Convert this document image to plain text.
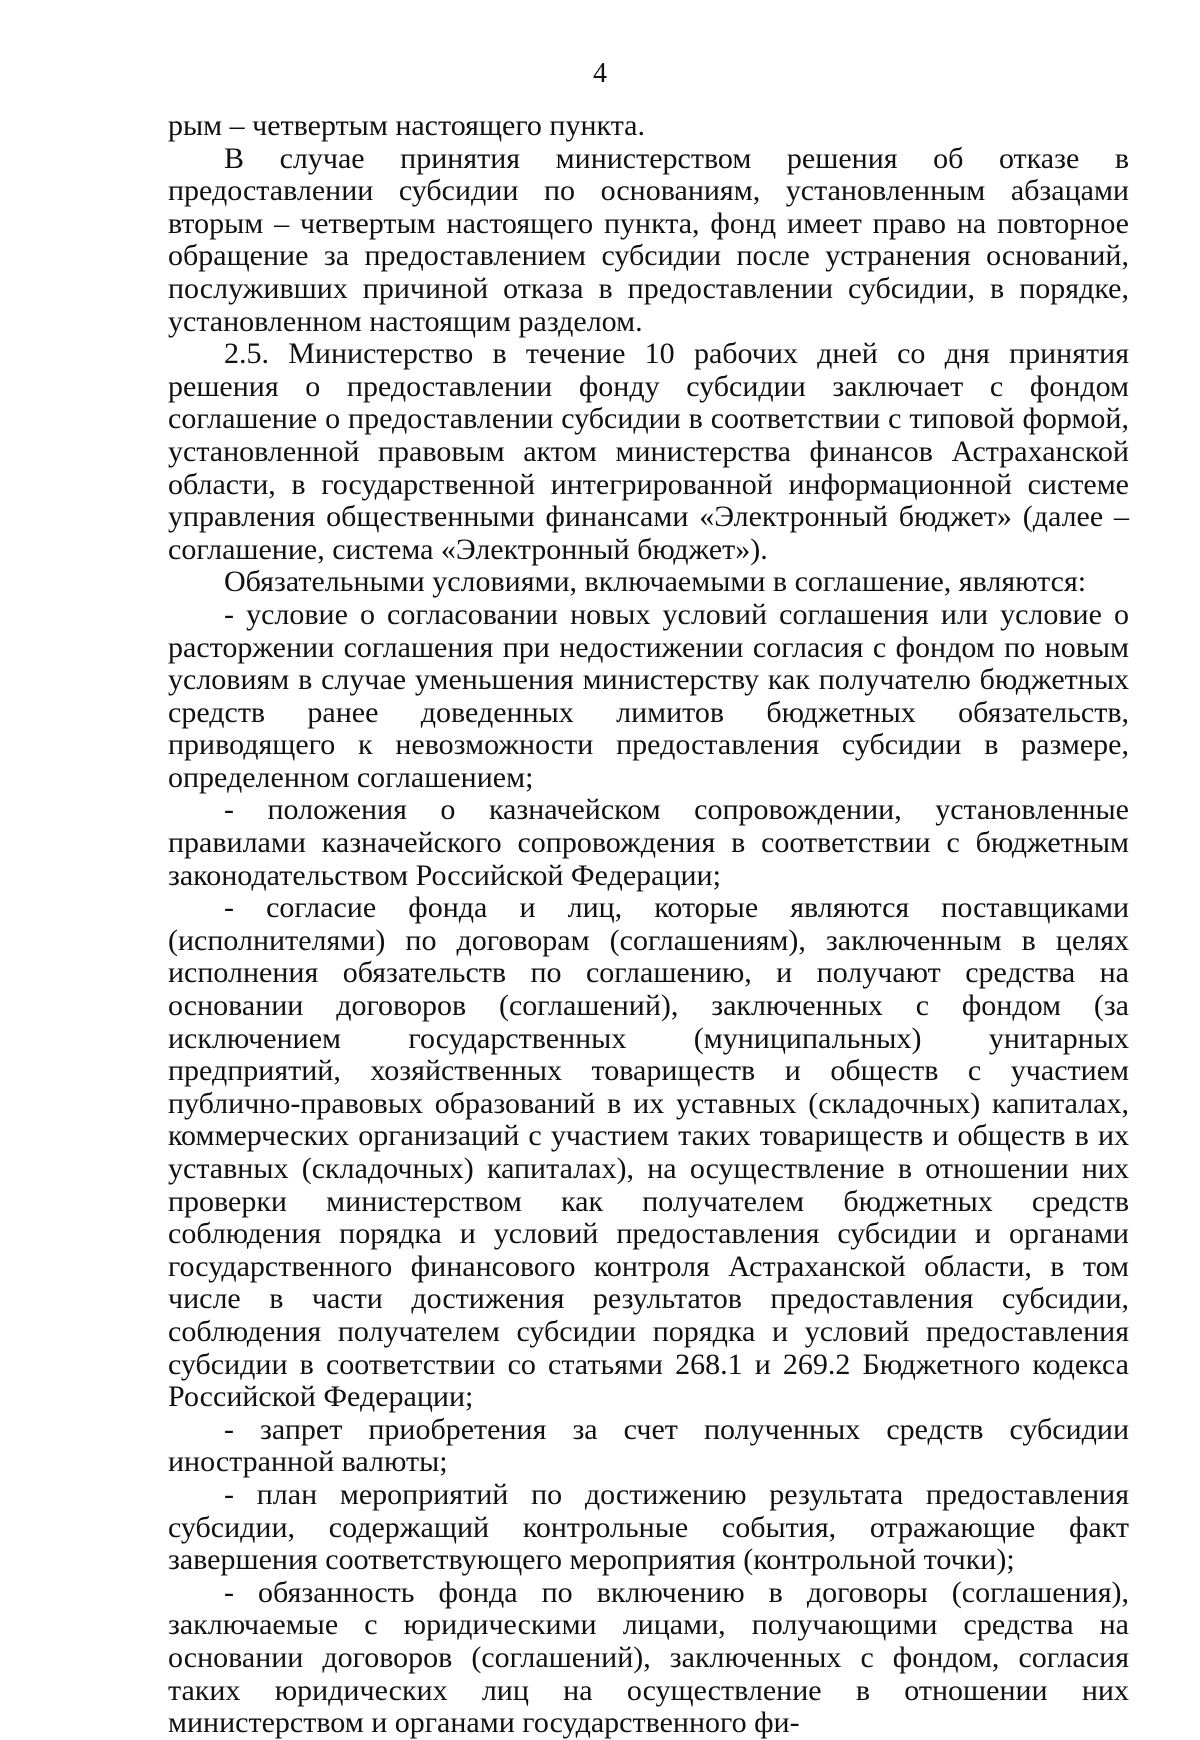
4

рым – четвертым настоящего пункта.

В случае принятия министерством решения об отказе в предоставлении субсидии по основаниям, установленным абзацами вторым – четвертым настоящего пункта, фонд имеет право на повторное обращение за предоставлением субсидии после устранения оснований, послуживших причиной отказа в предоставлении субсидии, в порядке, установленном настоящим разделом.

2.5. Министерство в течение 10 рабочих дней со дня принятия решения о предоставлении фонду субсидии заключает с фондом соглашение о предоставлении субсидии в соответствии с типовой формой, установленной правовым актом министерства финансов Астраханской области, в государственной интегрированной информационной системе управления общественными финансами «Электронный бюджет» (далее – соглашение, система «Электронный бюджет»).

Обязательными условиями, включаемыми в соглашение, являются:

- условие о согласовании новых условий соглашения или условие о расторжении соглашения при недостижении согласия с фондом по новым условиям в случае уменьшения министерству как получателю бюджетных средств ранее доведенных лимитов бюджетных обязательств, приводящего к невозможности предоставления субсидии в размере, определенном соглашением;

- положения о казначейском сопровождении, установленные правилами казначейского сопровождения в соответствии с бюджетным законодательством Российской Федерации;

- согласие фонда и лиц, которые являются поставщиками (исполнителями) по договорам (соглашениям), заключенным в целях исполнения обязательств по соглашению, и получают средства на основании договоров (соглашений), заключенных с фондом (за исключением государственных (муниципальных) унитарных предприятий, хозяйственных товариществ и обществ с участием публично-правовых образований в их уставных (складочных) капиталах, коммерческих организаций с участием таких товариществ и обществ в их уставных (складочных) капиталах), на осуществление в отношении них проверки министерством как получателем бюджетных средств соблюдения порядка и условий предоставления субсидии и органами государственного финансового контроля Астраханской области, в том числе в части достижения результатов предоставления субсидии, соблюдения получателем субсидии порядка и условий предоставления субсидии в соответствии со статьями 268.1 и 269.2 Бюджетного кодекса Российской Федерации;

- запрет приобретения за счет полученных средств субсидии иностранной валюты;

- план мероприятий по достижению результата предоставления субсидии, содержащий контрольные события, отражающие факт завершения соответствующего мероприятия (контрольной точки);

- обязанность фонда по включению в договоры (соглашения), заключаемые с юридическими лицами, получающими средства на основании договоров (соглашений), заключенных с фондом, согласия таких юридических лиц на осуществление в отношении них министерством и органами государственного фи-
